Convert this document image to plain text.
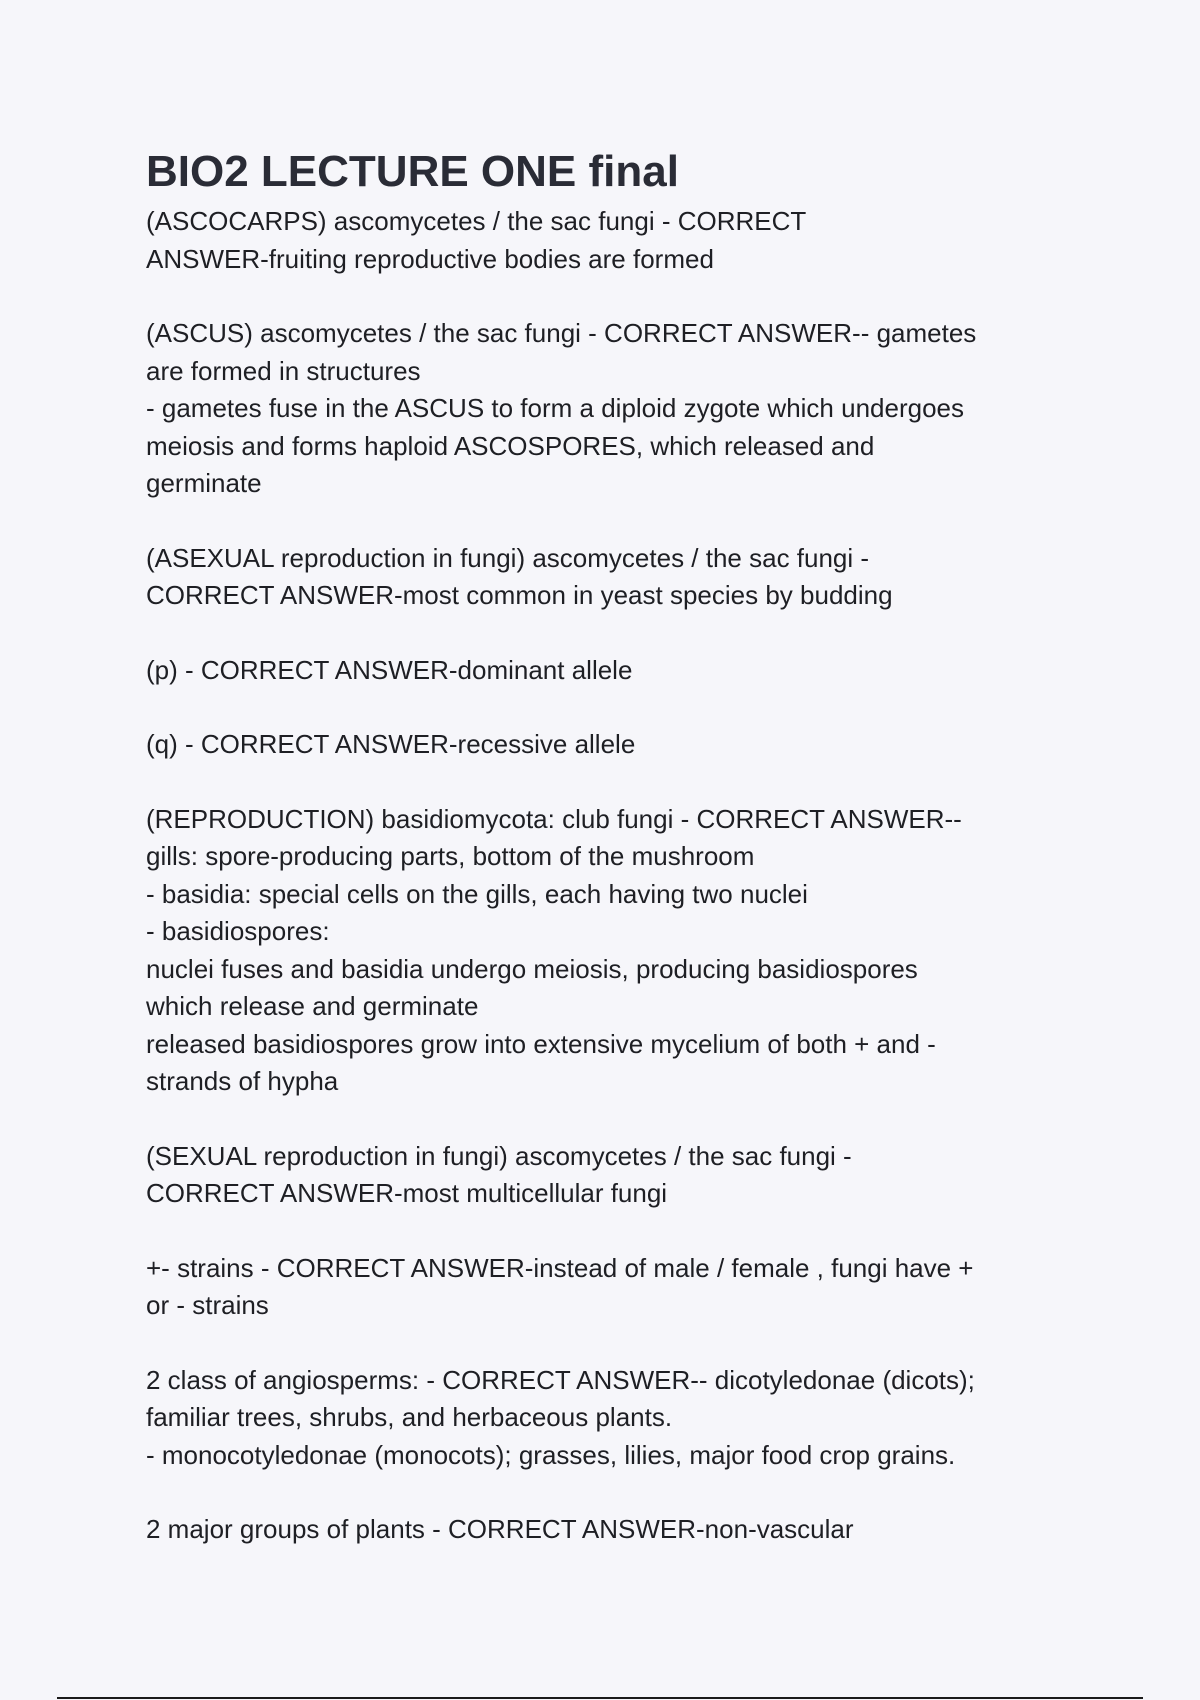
BIO2 LECTURE ONE final

(ASCOCARPS) ascomycetes / the sac fungi - CORRECT
ANSWER-fruiting reproductive bodies are formed

(ASCUS) ascomycetes / the sac fungi - CORRECT ANSWER-- gametes
are formed in structures
- gametes fuse in the ASCUS to form a diploid zygote which undergoes
meiosis and forms haploid ASCOSPORES, which released and
germinate

(ASEXUAL reproduction in fungi) ascomycetes / the sac fungi -
CORRECT ANSWER-most common in yeast species by budding

(p) - CORRECT ANSWER-dominant allele

(q) - CORRECT ANSWER-recessive allele

(REPRODUCTION) basidiomycota: club fungi - CORRECT ANSWER--
gills: spore-producing parts, bottom of the mushroom
- basidia: special cells on the gills, each having two nuclei
- basidiospores:
nuclei fuses and basidia undergo meiosis, producing basidiospores
which release and germinate
released basidiospores grow into extensive mycelium of both + and -
strands of hypha

(SEXUAL reproduction in fungi) ascomycetes / the sac fungi -
CORRECT ANSWER-most multicellular fungi

+- strains - CORRECT ANSWER-instead of male / female , fungi have +
or - strains

2 class of angiosperms: - CORRECT ANSWER-- dicotyledonae (dicots);
familiar trees, shrubs, and herbaceous plants.
- monocotyledonae (monocots); grasses, lilies, major food crop grains.

2 major groups of plants - CORRECT ANSWER-non-vascular
